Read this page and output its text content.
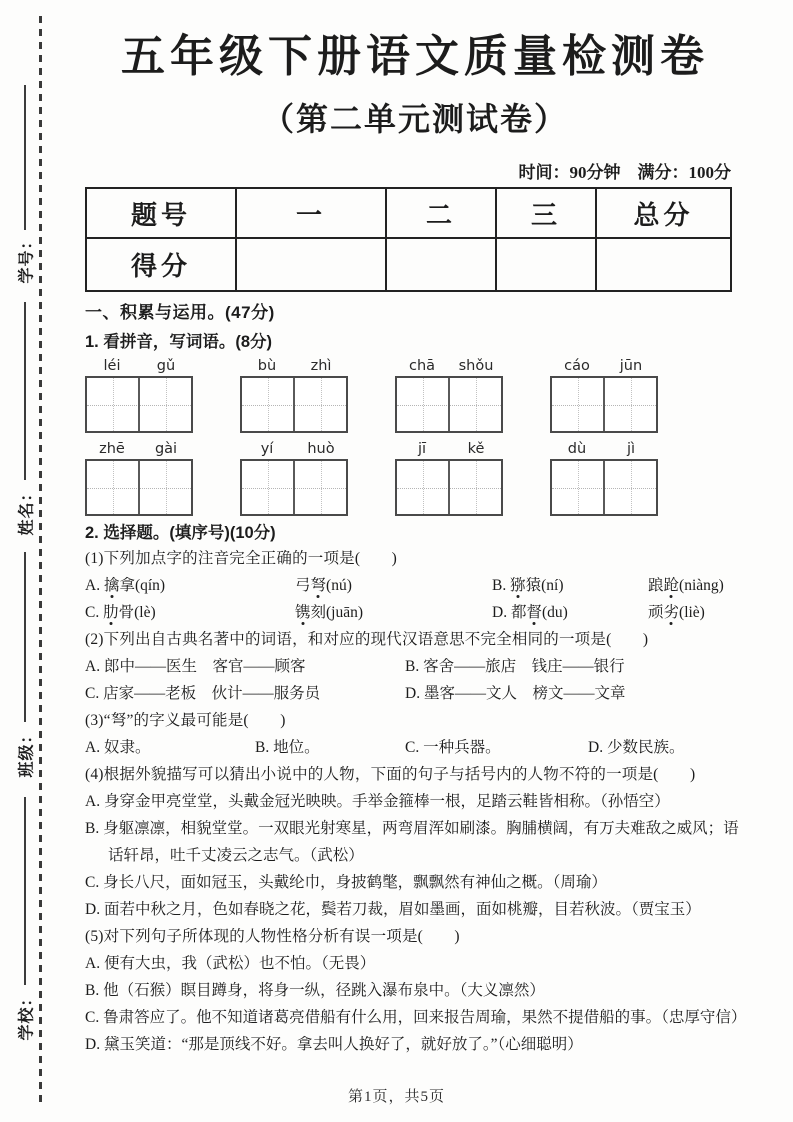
学号：
姓名：
班级：
学校：
五年级下册语文质量检测卷
（第二单元测试卷）
时间：90分钟　满分：100分
题号	一	二	三	总分
得分				
一、积累与运用。(47分)
1. 看拼音，写词语。(8分)
léi	gǔ	bù	zhì	chā	shǒu	cáo	jūn
zhē	gài	yí	huò	jī	kě	dù	jì
2. 选择题。(填序号)(10分)
(1)下列加点字的注音完全正确的一项是(　　)
A. 擒拿(qín)	弓弩(nú)	B. 猕猿(ní)	踉跄(niàng)
C. 肋骨(lè)	镌刻(juān)	D. 都督(du)	顽劣(liè)
(2)下列出自古典名著中的词语，和对应的现代汉语意思不完全相同的一项是(　　)
A. 郎中——医生　客官——顾客	B. 客舍——旅店　钱庄——银行
C. 店家——老板　伙计——服务员	D. 墨客——文人　榜文——文章
(3)“弩”的字义最可能是(　　)
A. 奴隶。	B. 地位。	C. 一种兵器。	D. 少数民族。
(4)根据外貌描写可以猜出小说中的人物，下面的句子与括号内的人物不符的一项是(　　)
A. 身穿金甲亮堂堂，头戴金冠光映映。手举金箍棒一根，足踏云鞋皆相称。（孙悟空）
B. 身躯凛凛，相貌堂堂。一双眼光射寒星，两弯眉浑如刷漆。胸脯横阔，有万夫难敌之威风；语话轩昂，吐千丈凌云之志气。（武松）
C. 身长八尺，面如冠玉，头戴纶巾，身披鹤氅，飘飘然有神仙之概。（周瑜）
D. 面若中秋之月，色如春晓之花，鬓若刀裁，眉如墨画，面如桃瓣，目若秋波。（贾宝玉）
(5)对下列句子所体现的人物性格分析有误一项是(　　)
A. 便有大虫，我（武松）也不怕。（无畏）
B. 他（石猴）瞑目蹲身，将身一纵，径跳入瀑布泉中。（大义凛然）
C. 鲁肃答应了。他不知道诸葛亮借船有什么用，回来报告周瑜，果然不提借船的事。（忠厚守信）
D. 黛玉笑道：“那是顶线不好。拿去叫人换好了，就好放了。”（心细聪明）
第1页，共5页
